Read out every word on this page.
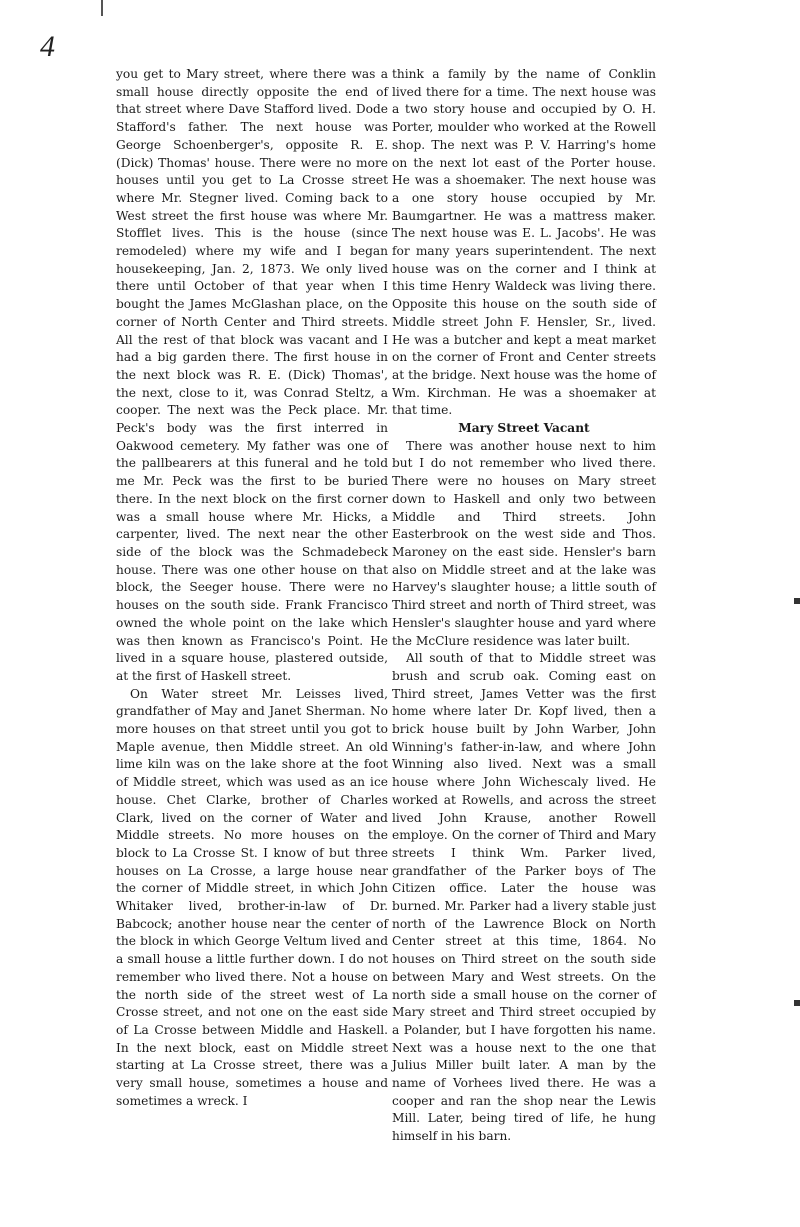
4

you get to Mary street, where there was a small house directly opposite the end of that street where Dave Stafford lived. Dode Stafford's father. The next house was George Schoenberger's, opposite R. E. (Dick) Thomas' house. There were no more houses until you get to La Crosse street where Mr. Stegner lived. Coming back to West street the first house was where Mr. Stofflet lives. This is the house (since remodeled) where my wife and I began housekeeping, Jan. 2, 1873. We only lived there until October of that year when I bought the James McGlashan place, on the corner of North Center and Third streets. All the rest of that block was vacant and I had a big garden there. The first house in the next block was R. E. (Dick) Thomas', the next, close to it, was Conrad Steltz, a cooper. The next was the Peck place. Mr. Peck's body was the first interred in Oakwood cemetery. My father was one of the pallbearers at this funeral and he told me Mr. Peck was the first to be buried there. In the next block on the first corner was a small house where Mr. Hicks, a carpenter, lived. The next near the other side of the block was the Schmadebeck house. There was one other house on that block, the Seeger house. There were no houses on the south side. Frank Francisco owned the whole point on the lake which was then known as Francisco's Point. He lived in a square house, plastered outside, at the first of Haskell street.

On Water street Mr. Leisses lived, grandfather of May and Janet Sherman. No more houses on that street until you got to Maple avenue, then Middle street. An old lime kiln was on the lake shore at the foot of Middle street, which was used as an ice house. Chet Clarke, brother of Charles Clark, lived on the corner of Water and Middle streets. No more houses on the block to La Crosse St. I know of but three houses on La Crosse, a large house near the corner of Middle street, in which John Whitaker lived, brother-in-law of Dr. Babcock; another house near the center of the block in which George Veltum lived and a small house a little further down. I do not remember who lived there. Not a house on the north side of the street west of La Crosse street, and not one on the east side of La Crosse between Middle and Haskell. In the next block, east on Middle street starting at La Crosse street, there was a very small house, sometimes a house and sometimes a wreck. I

think a family by the name of Conklin lived there for a time. The next house was a two story house and occupied by O. H. Porter, moulder who worked at the Rowell shop. The next was P. V. Harring's home on the next lot east of the Porter house. He was a shoemaker. The next house was a one story house occupied by Mr. Baumgartner. He was a mattress maker. The next house was E. L. Jacobs'. He was for many years superintendent. The next house was on the corner and I think at this time Henry Waldeck was living there. Opposite this house on the south side of Middle street John F. Hensler, Sr., lived. He was a butcher and kept a meat market on the corner of Front and Center streets at the bridge. Next house was the home of Wm. Kirchman. He was a shoemaker at that time.

Mary Street Vacant

There was another house next to him but I do not remember who lived there. There were no houses on Mary street down to Haskell and only two between Middle and Third streets. John Easterbrook on the west side and Thos. Maroney on the east side. Hensler's barn also on Middle street and at the lake was Harvey's slaughter house; a little south of Third street and north of Third street, was Hensler's slaughter house and yard where the McClure residence was later built.

All south of that to Middle street was brush and scrub oak. Coming east on Third street, James Vetter was the first home where later Dr. Kopf lived, then a brick house built by John Warber, John Winning's father-in-law, and where John Winning also lived. Next was a small house where John Wichescaly lived. He worked at Rowells, and across the street lived John Krause, another Rowell employe. On the corner of Third and Mary streets I think Wm. Parker lived, grandfather of the Parker boys of The Citizen office. Later the house was burned. Mr. Parker had a livery stable just north of the Lawrence Block on North Center street at this time, 1864. No houses on Third street on the south side between Mary and West streets. On the north side a small house on the corner of Mary street and Third street occupied by a Polander, but I have forgotten his name. Next was a house next to the one that Julius Miller built later. A man by the name of Vorhees lived there. He was a cooper and ran the shop near the Lewis Mill. Later, being tired of life, he hung himself in his barn.
